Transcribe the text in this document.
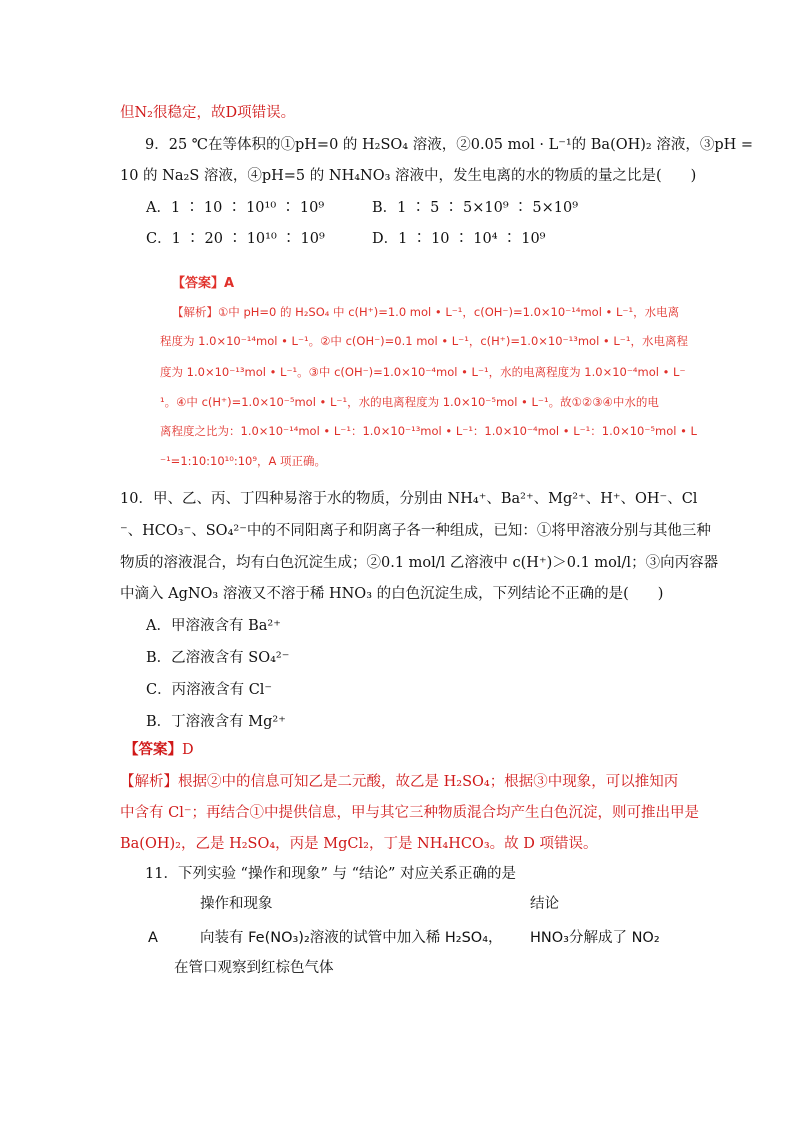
但N₂很稳定，故D项错误。
9．25 ℃在等体积的①pH=0 的 H₂SO₄ 溶液，②0.05 mol · L⁻¹的 Ba(OH)₂ 溶液，③pH =
10 的 Na₂S 溶液，④pH=5 的 NH₄NO₃ 溶液中，发生电离的水的物质的量之比是(　　)
A．1 ∶ 10 ∶ 10¹⁰ ∶ 10⁹	B．1 ∶ 5 ∶ 5×10⁹ ∶ 5×10⁹
C．1 ∶ 20 ∶ 10¹⁰ ∶ 10⁹	D．1 ∶ 10 ∶ 10⁴ ∶ 10⁹
【答案】A
【解析】①中 pH=0 的 H₂SO₄ 中 c(H⁺)=1.0 mol • L⁻¹，c(OH⁻)=1.0×10⁻¹⁴mol • L⁻¹，水电离
程度为 1.0×10⁻¹⁴mol • L⁻¹。②中 c(OH⁻)=0.1 mol • L⁻¹，c(H⁺)=1.0×10⁻¹³mol • L⁻¹，水电离程
度为 1.0×10⁻¹³mol • L⁻¹。③中 c(OH⁻)=1.0×10⁻⁴mol • L⁻¹，水的电离程度为 1.0×10⁻⁴mol • L⁻
¹。④中 c(H⁺)=1.0×10⁻⁵mol • L⁻¹，水的电离程度为 1.0×10⁻⁵mol • L⁻¹。故①②③④中水的电
离程度之比为：1.0×10⁻¹⁴mol • L⁻¹：1.0×10⁻¹³mol • L⁻¹：1.0×10⁻⁴mol • L⁻¹：1.0×10⁻⁵mol • L
⁻¹=1:10:10¹⁰:10⁹，A 项正确。
10．甲、乙、丙、丁四种易溶于水的物质，分别由 NH₄⁺、Ba²⁺、Mg²⁺、H⁺、OH⁻、Cl
⁻、HCO₃⁻、SO₄²⁻中的不同阳离子和阴离子各一种组成，已知：①将甲溶液分别与其他三种
物质的溶液混合，均有白色沉淀生成；②0.1 mol/l 乙溶液中 c(H⁺)＞0.1 mol/l；③向丙容器
中滴入 AgNO₃ 溶液又不溶于稀 HNO₃ 的白色沉淀生成，下列结论不正确的是(　　)
A．甲溶液含有 Ba²⁺
B．乙溶液含有 SO₄²⁻
C．丙溶液含有 Cl⁻
B．丁溶液含有 Mg²⁺
【答案】D
【解析】根据②中的信息可知乙是二元酸，故乙是 H₂SO₄；根据③中现象，可以推知丙
中含有 Cl⁻；再结合①中提供信息，甲与其它三种物质混合均产生白色沉淀，则可推出甲是
Ba(OH)₂，乙是 H₂SO₄，丙是 MgCl₂，丁是 NH₄HCO₃。故 D 项错误。
11．下列实验 “操作和现象” 与 “结论” 对应关系正确的是
操作和现象	结论
A	向装有 Fe(NO₃)₂溶液的试管中加入稀 H₂SO₄， HNO₃分解成了 NO₂
在管口观察到红棕色气体
